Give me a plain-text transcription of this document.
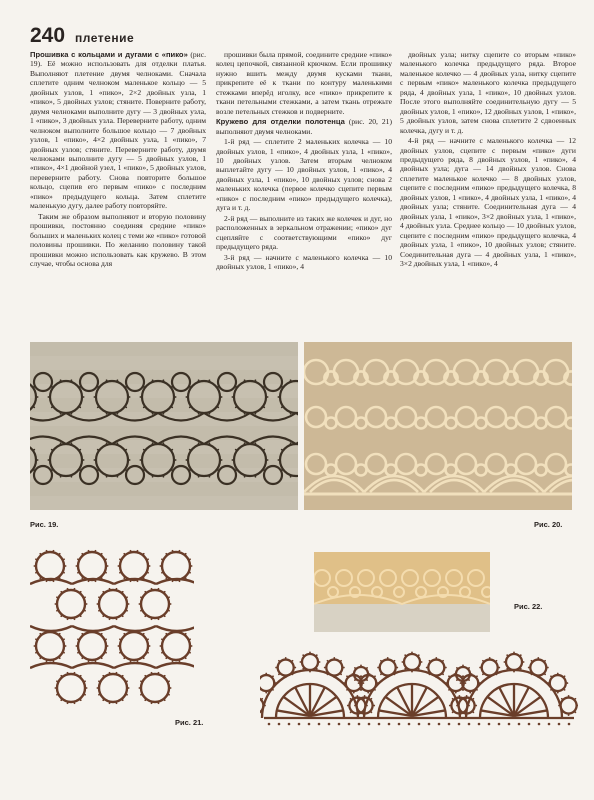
240 плетение

Прошивка с кольцами и дугами с «пико» (рис. 19). Её можно использовать для отделки платья. Выполняют плетение двумя челноками. Сначала сплетите одним челноком маленькое кольцо — 5 двойных узлов, 1 «пико», 2×2 двойных узла, 1 «пико», 5 двойных узлов; стяните. Поверните работу, двумя челноками выполните дугу — 3 двойных узла, 1 «пико», 3 двойных узла. Переверните работу, одним челноком выполните большое кольцо — 7 двойных узлов, 1 «пико», 4×2 двойных узла, 1 «пико», 7 двойных узлов; стяните. Переверните работу, двумя челноками выполните дугу — 5 двойных узлов, 1 «пико», 4×1 двойной узел, 1 «пико», 5 двойных узлов, переверните работу. Снова повторите большое кольцо, сцепив его первым «пико» с последним «пико» предыдущего кольца. Затем сплетите маленькую дугу, далее работу повторяйте.

Таким же образом выполняют и вторую половину прошивки, постоянно соединяя средние «пико» больших и маленьких колец с теми же «пико» готовой половины прошивки. По желанию половину такой прошивки можно использовать как кружево. В этом случае, чтобы основа для

прошивки была прямой, соедините средние «пико» колец цепочкой, связанной крючком. Если прошивку нужно вшить между двумя кусками ткани, прикрепите её к ткани по контуру маленькими стежками вперёд иголку, все «пико» прикрепите к ткани петельными стежками, а затем ткань отрежьте возле петельных стежков и подверните.

Кружево для отделки полотенца (рис. 20, 21) выполняют двумя челноками.

1-й ряд — сплетите 2 маленьких колечка — 10 двойных узлов, 1 «пико», 4 двойных узла, 1 «пико», 10 двойных узлов. Затем вторым челноком выплетайте дугу — 10 двойных узлов, 1 «пико», 4 двойных узла, 1 «пико», 10 двойных узлов; снова 2 маленьких колечка (первое колечко сцепите первым «пико» с последним «пико» предыдущего колечка), дуга и т. д.

2-й ряд — выполните из таких же колечек и дуг, но расположенных в зеркальном отражении; «пико» дуг сцепляйте с соответствующими «пико» дуг предыдущего ряда.

3-й ряд — начните с маленького колечка — 10 двойных узлов, 1 «пико», 4

двойных узла; нитку сцепите со вторым «пико» маленького колечка предыдущего ряда. Второе маленькое колечко — 4 двойных узла, нитку сцепите с первым «пико» маленького колечка предыдущего ряда, 4 двойных узла, 1 «пико», 10 двойных узлов. После этого выполняйте соединительную дугу — 5 двойных узлов, 1 «пико», 12 двойных узлов, 1 «пико», 5 двойных узлов, затем снова сплетите 2 сдвоенных колечка, дугу и т. д.

4-й ряд — начните с маленького колечка — 12 двойных узлов, сцепите с первым «пико» дуги предыдущего ряда, 8 двойных узлов, 1 «пико», 4 двойных узла; дуга — 14 двойных узлов. Снова сплетите маленькое колечко — 8 двойных узлов, сцепите с последним «пико» предыдущего колечка, 8 двойных узлов, 1 «пико», 4 двойных узла, 1 «пико», 4 двойных узла; стяните. Соединительная дуга — 4 двойных узла, 1 «пико», 3×2 двойных узла, 1 «пико», 4 двойных узла. Среднее кольцо — 10 двойных узлов, сцепите с последним «пико» предыдущего колечка, 4 двойных узла, 1 «пико», 10 двойных узлов; стяните. Соединительная дуга — 4 двойных узла, 1 «пико», 3×2 двойных узла, 1 «пико», 4

Рис. 19.	Рис. 20.
Рис. 21.
Рис. 22.
